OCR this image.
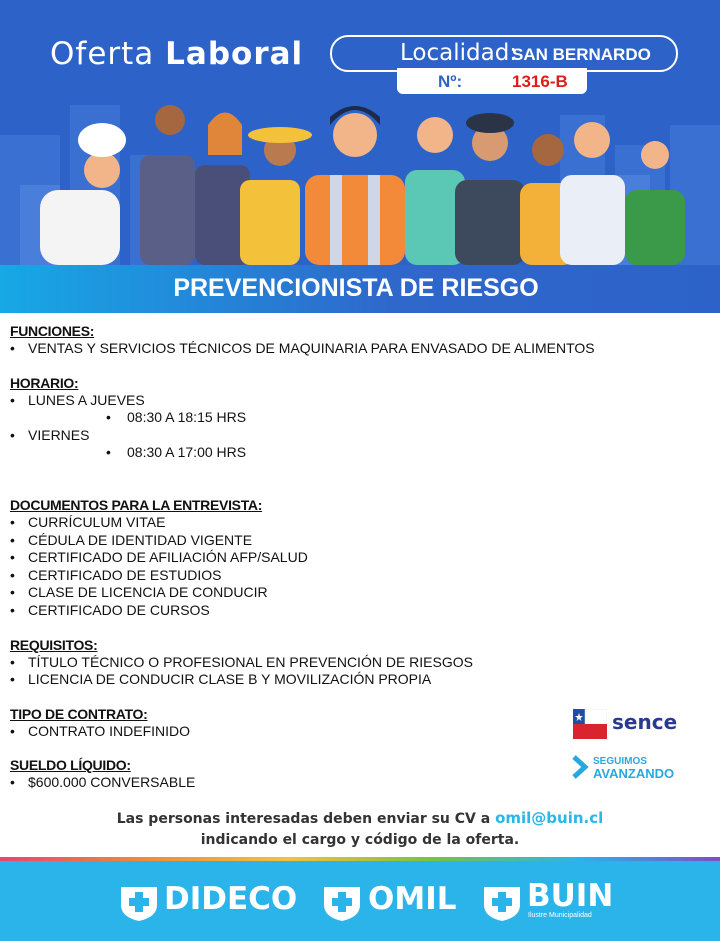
Oferta Laboral	Localidad:
SAN BERNARDO
Nº:	1316-B
PREVENCIONISTA DE RIESGO
FUNCIONES:
• VENTAS Y SERVICIOS TÉCNICOS DE MAQUINARIA PARA ENVASADO DE ALIMENTOS
HORARIO:
• LUNES A JUEVES
• 08:30 A 18:15 HRS
• VIERNES
• 08:30 A 17:00 HRS
DOCUMENTOS PARA LA ENTREVISTA:
• CURRÍCULUM VITAE
• CÉDULA DE IDENTIDAD VIGENTE
• CERTIFICADO DE AFILIACIÓN AFP/SALUD
• CERTIFICADO DE ESTUDIOS
• CLASE DE LICENCIA DE CONDUCIR
• CERTIFICADO DE CURSOS
REQUISITOS:
• TÍTULO TÉCNICO O PROFESIONAL EN PREVENCIÓN DE RIESGOS
• LICENCIA DE CONDUCIR CLASE B Y MOVILIZACIÓN PROPIA
TIPO DE CONTRATO:
• CONTRATO INDEFINIDO
SUELDO LÍQUIDO:
• $600.000 CONVERSABLE
sence
SEGUIMOS
AVANZANDO
Las personas interesadas deben enviar su CV a omil@buin.cl
indicando el cargo y código de la oferta.
DIDECO OMIL BUIN
Ilustre Municipalidad
